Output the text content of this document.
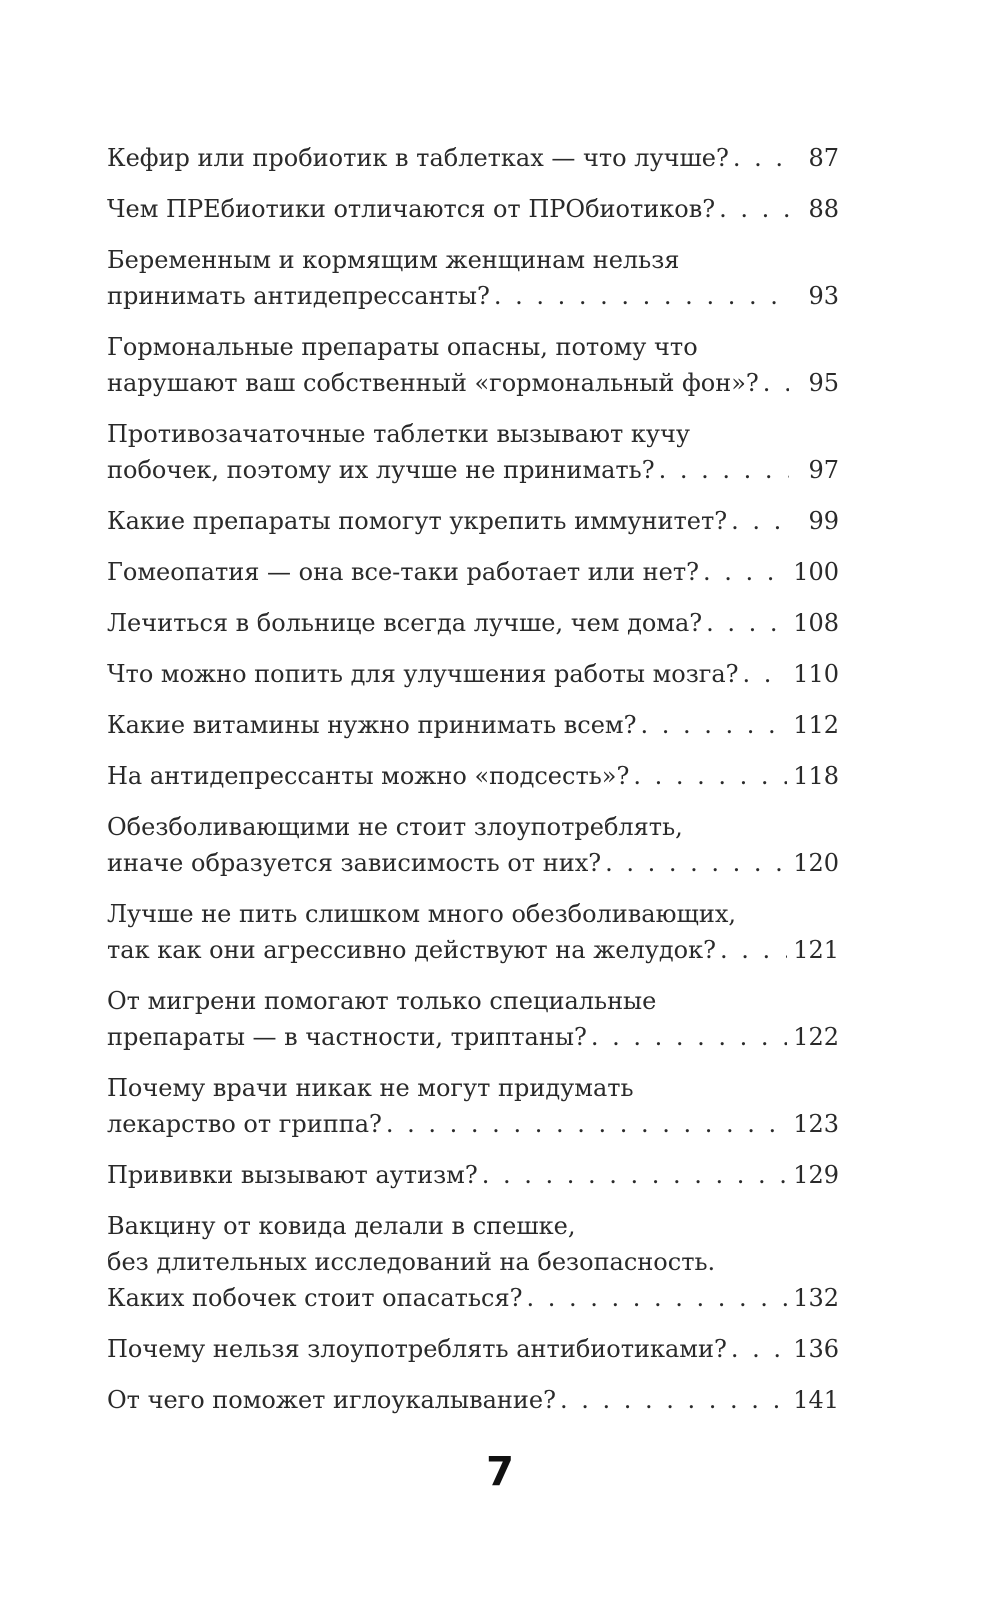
Кефир или пробиотик в таблетках — что лучше? . . .	87
Чем ПРЕбиотики отличаются от ПРОбиотиков? . . .	88
Беременным и кормящим женщинам нельзя
принимать антидепрессанты? . . .	93
Гормональные препараты опасны, потому что
нарушают ваш собственный «гормональный фон»? . . .	95
Противозачаточные таблетки вызывают кучу
побочек, поэтому их лучше не принимать? . . .	97
Какие препараты помогут укрепить иммунитет? . . .	99
Гомеопатия — она все-таки работает или нет? . . .	100
Лечиться в больнице всегда лучше, чем дома? . . .	108
Что можно попить для улучшения работы мозга? . . . 110
Какие витамины нужно принимать всем? . . .	112
На антидепрессанты можно «подсесть»? . . .	118
Обезболивающими не стоит злоупотреблять,
иначе образуется зависимость от них? . . .	120
Лучше не пить слишком много обезболивающих,
так как они агрессивно действуют на желудок? . . .	121
От мигрени помогают только специальные
препараты — в частности, триптаны? . . .	122
Почему врачи никак не могут придумать
лекарство от гриппа? . . .	123
Прививки вызывают аутизм? . . .	129
Вакцину от ковида делали в спешке,
без длительных исследований на безопасность.
Каких побочек стоит опасаться? . . .	132
Почему нельзя злоупотреблять антибиотиками? . . .	136
От чего поможет иглоукалывание? . . .	141
7
